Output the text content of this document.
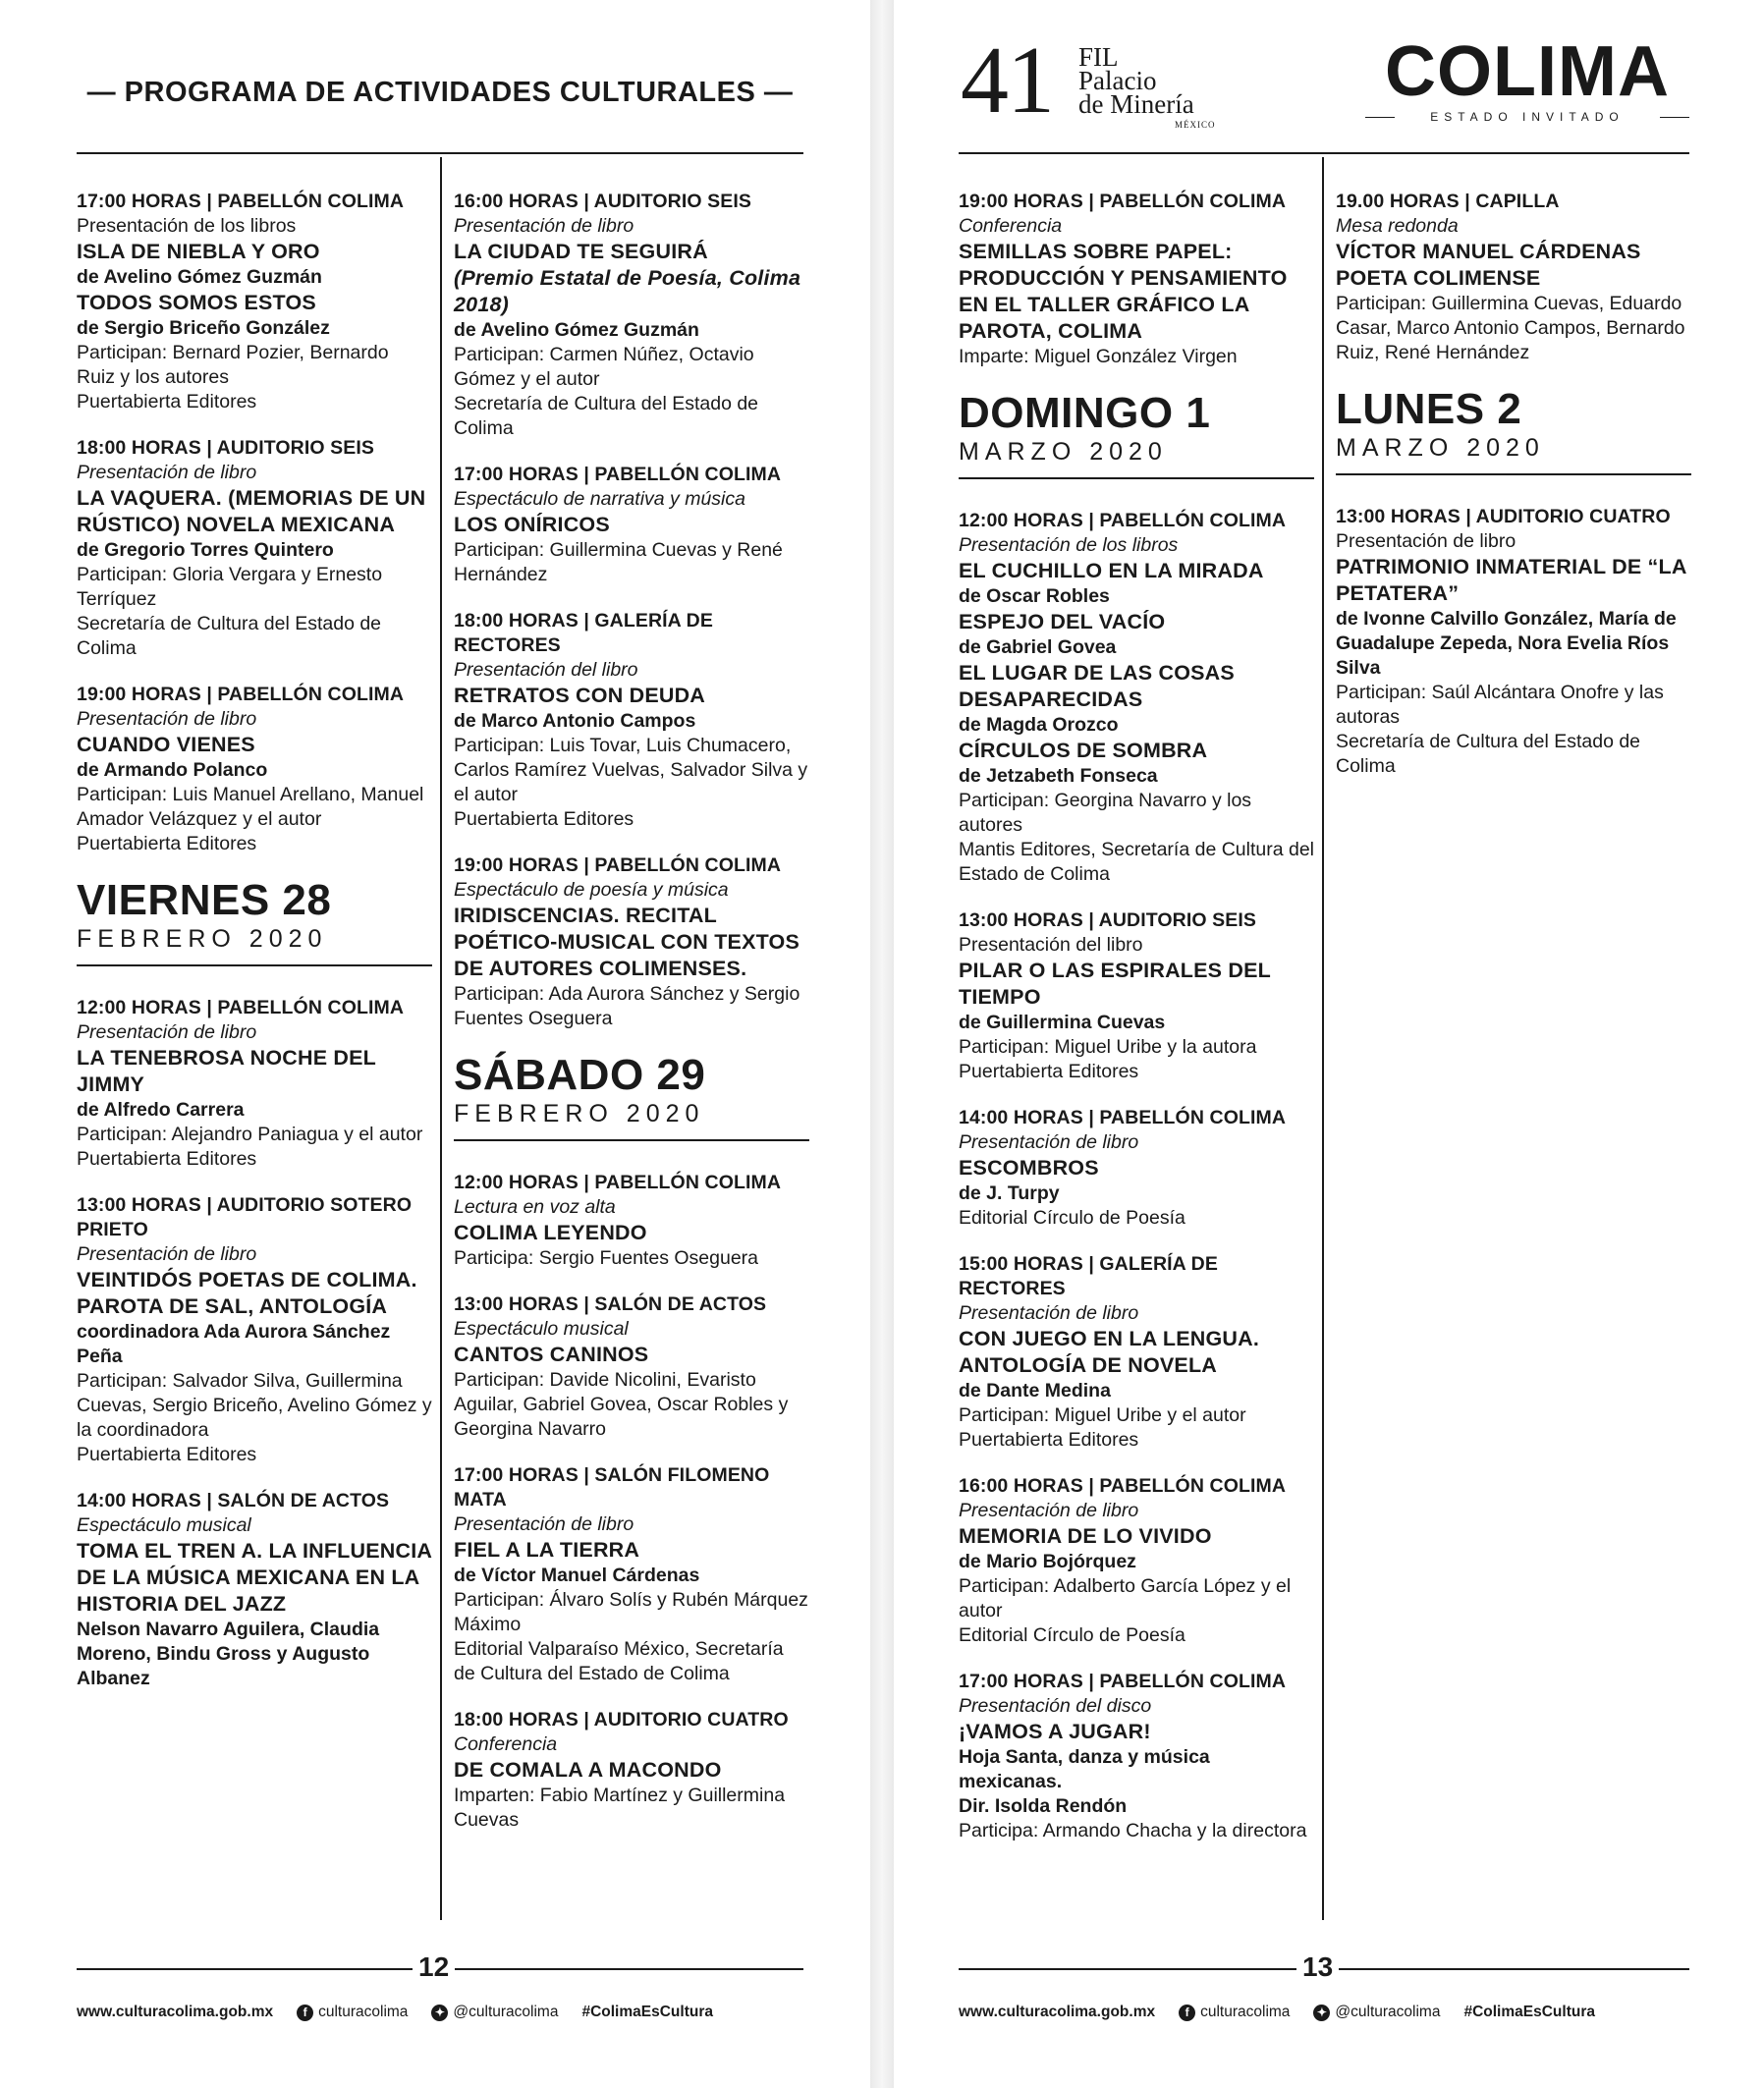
— PROGRAMA DE ACTIVIDADES CULTURALES —
17:00 HORAS | PABELLÓN COLIMA
Presentación de los libros
ISLA DE NIEBLA Y ORO
de Avelino Gómez Guzmán
TODOS SOMOS ESTOS
de Sergio Briceño González
Participan: Bernard Pozier, Bernardo Ruiz y los autores
Puertabierta Editores
18:00 HORAS | AUDITORIO SEIS
Presentación de libro
LA VAQUERA. (MEMORIAS DE UN RÚSTICO) NOVELA MEXICANA
de Gregorio Torres Quintero
Participan: Gloria Vergara y Ernesto Terríquez
Secretaría de Cultura del Estado de Colima
19:00 HORAS | PABELLÓN COLIMA
Presentación de libro
CUANDO VIENES
de Armando Polanco
Participan: Luis Manuel Arellano, Manuel Amador Velázquez y el autor
Puertabierta Editores
VIERNES 28
FEBRERO 2020
12:00 HORAS | PABELLÓN COLIMA
Presentación de libro
LA TENEBROSA NOCHE DEL JIMMY
de Alfredo Carrera
Participan: Alejandro Paniagua y el autor
Puertabierta Editores
13:00 HORAS | AUDITORIO SOTERO PRIETO
Presentación de libro
VEINTIDÓS POETAS DE COLIMA. PAROTA DE SAL, ANTOLOGÍA
coordinadora Ada Aurora Sánchez Peña
Participan: Salvador Silva, Guillermina Cuevas, Sergio Briceño, Avelino Gómez y la coordinadora
Puertabierta Editores
14:00 HORAS | SALÓN DE ACTOS
Espectáculo musical
TOMA EL TREN A. LA INFLUENCIA DE LA MÚSICA MEXICANA EN LA HISTORIA DEL JAZZ
Nelson Navarro Aguilera, Claudia Moreno, Bindu Gross y Augusto Albanez
16:00 HORAS | AUDITORIO SEIS
Presentación de libro
LA CIUDAD TE SEGUIRÁ
(Premio Estatal de Poesía, Colima 2018)
de Avelino Gómez Guzmán
Participan: Carmen Núñez, Octavio Gómez y el autor
Secretaría de Cultura del Estado de Colima
17:00 HORAS | PABELLÓN COLIMA
Espectáculo de narrativa y música
LOS ONÍRICOS
Participan: Guillermina Cuevas y René Hernández
18:00 HORAS | GALERÍA DE RECTORES
Presentación del libro
RETRATOS CON DEUDA
de Marco Antonio Campos
Participan: Luis Tovar, Luis Chumacero, Carlos Ramírez Vuelvas, Salvador Silva y el autor
Puertabierta Editores
19:00 HORAS | PABELLÓN COLIMA
Espectáculo de poesía y música
IRIDISCENCIAS. RECITAL POÉTICO-MUSICAL CON TEXTOS DE AUTORES COLIMENSES.
Participan: Ada Aurora Sánchez y Sergio Fuentes Oseguera
SÁBADO 29
FEBRERO 2020
12:00 HORAS | PABELLÓN COLIMA
Lectura en voz alta
COLIMA LEYENDO
Participa: Sergio Fuentes Oseguera
13:00 HORAS | SALÓN DE ACTOS
Espectáculo musical
CANTOS CANINOS
Participan: Davide Nicolini, Evaristo Aguilar, Gabriel Govea, Oscar Robles y Georgina Navarro
17:00 HORAS | SALÓN FILOMENO MATA
Presentación de libro
FIEL A LA TIERRA
de Víctor Manuel Cárdenas
Participan: Álvaro Solís y Rubén Márquez Máximo
Editorial Valparaíso México, Secretaría de Cultura del Estado de Colima
18:00 HORAS | AUDITORIO CUATRO
Conferencia
DE COMALA A MACONDO
Imparten: Fabio Martínez y Guillermina Cuevas
12
www.culturacolima.gob.mx	f culturacolima ✦ @culturacolima #ColimaEsCultura
41 FIL
Palacio
de Minería
MÉXICO
COLIMA
ESTADO INVITADO
19:00 HORAS | PABELLÓN COLIMA
Conferencia
SEMILLAS SOBRE PAPEL: PRODUCCIÓN Y PENSAMIENTO EN EL TALLER GRÁFICO LA PAROTA, COLIMA
Imparte: Miguel González Virgen
DOMINGO 1
MARZO 2020
12:00 HORAS | PABELLÓN COLIMA
Presentación de los libros
EL CUCHILLO EN LA MIRADA
de Oscar Robles
ESPEJO DEL VACÍO
de Gabriel Govea
EL LUGAR DE LAS COSAS DESAPARECIDAS
de Magda Orozco
CÍRCULOS DE SOMBRA
de Jetzabeth Fonseca
Participan: Georgina Navarro y los autores
Mantis Editores, Secretaría de Cultura del Estado de Colima
13:00 HORAS | AUDITORIO SEIS
Presentación del libro
PILAR O LAS ESPIRALES DEL TIEMPO
de Guillermina Cuevas
Participan: Miguel Uribe y la autora
Puertabierta Editores
14:00 HORAS | PABELLÓN COLIMA
Presentación de libro
ESCOMBROS
de J. Turpy
Editorial Círculo de Poesía
15:00 HORAS | GALERÍA DE RECTORES
Presentación de libro
CON JUEGO EN LA LENGUA. ANTOLOGÍA DE NOVELA
de Dante Medina
Participan: Miguel Uribe y el autor
Puertabierta Editores
16:00 HORAS | PABELLÓN COLIMA
Presentación de libro
MEMORIA DE LO VIVIDO
de Mario Bojórquez
Participan: Adalberto García López y el autor
Editorial Círculo de Poesía
17:00 HORAS | PABELLÓN COLIMA
Presentación del disco
¡VAMOS A JUGAR!
Hoja Santa, danza y música mexicanas.
Dir. Isolda Rendón
Participa: Armando Chacha y la directora
19.00 HORAS | CAPILLA
Mesa redonda
VÍCTOR MANUEL CÁRDENAS POETA COLIMENSE
Participan: Guillermina Cuevas, Eduardo Casar, Marco Antonio Campos, Bernardo Ruiz, René Hernández
LUNES 2
MARZO 2020
13:00 HORAS | AUDITORIO CUATRO
Presentación de libro
PATRIMONIO INMATERIAL DE “LA PETATERA”
de Ivonne Calvillo González, María de Guadalupe Zepeda, Nora Evelia Ríos Silva
Participan: Saúl Alcántara Onofre y las autoras
Secretaría de Cultura del Estado de Colima
13
www.culturacolima.gob.mx	f culturacolima ✦ @culturacolima #ColimaEsCultura
